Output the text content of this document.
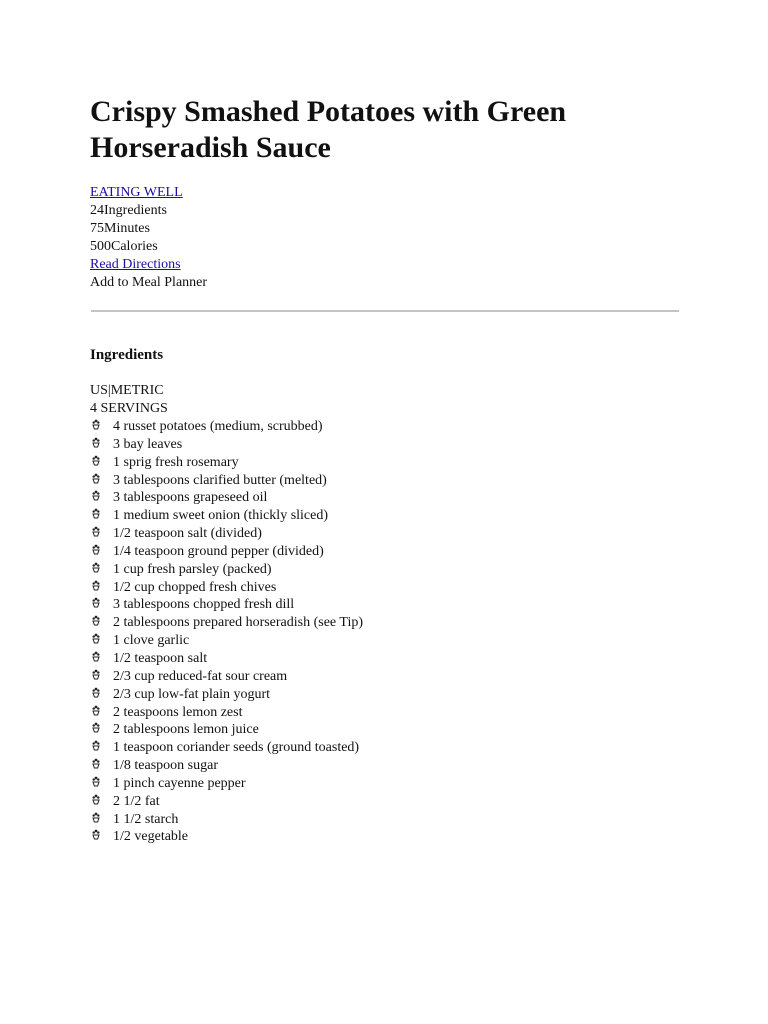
Crispy Smashed Potatoes with Green Horseradish Sauce
EATING WELL
24Ingredients
75Minutes
500Calories
Read Directions
Add to Meal Planner
Ingredients
US|METRIC
4 SERVINGS
4 russet potatoes (medium, scrubbed)
3 bay leaves
1 sprig fresh rosemary
3 tablespoons clarified butter (melted)
3 tablespoons grapeseed oil
1 medium sweet onion (thickly sliced)
1/2 teaspoon salt (divided)
1/4 teaspoon ground pepper (divided)
1 cup fresh parsley (packed)
1/2 cup chopped fresh chives
3 tablespoons chopped fresh dill
2 tablespoons prepared horseradish (see Tip)
1 clove garlic
1/2 teaspoon salt
2/3 cup reduced-fat sour cream
2/3 cup low-fat plain yogurt
2 teaspoons lemon zest
2 tablespoons lemon juice
1 teaspoon coriander seeds (ground toasted)
1/8 teaspoon sugar
1 pinch cayenne pepper
2 1/2 fat
1 1/2 starch
1/2 vegetable
